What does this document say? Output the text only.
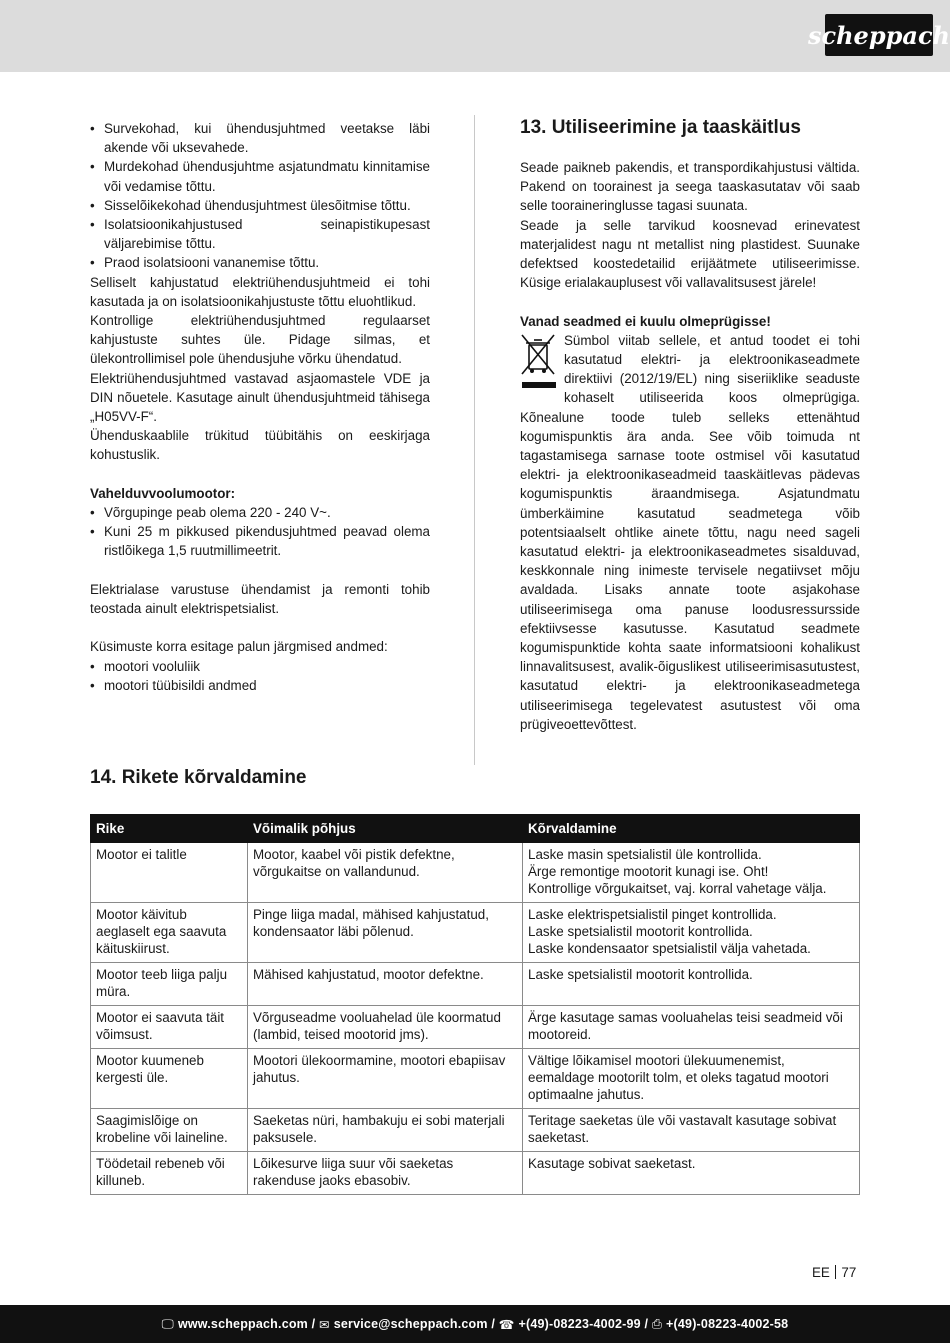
scheppach
• Survekohad, kui ühendusjuhtmed veetakse läbi akende või uksevahede.
• Murdekohad ühendusjuhtme asjatundmatu kinnitamise või vedamise tõttu.
• Sisselõikekohad ühendusjuhtmest ülesõitmise tõttu.
• Isolatsioonikahjustused seinapistikupesast väljarebimise tõttu.
• Praod isolatsiooni vananemise tõttu.

Selliselt kahjustatud elektriühendusjuhtmeid ei tohi kasutada ja on isolatsioonikahjustuste tõttu eluohtlikud.

Kontrollige elektriühendusjuhtmed regulaarset kahjustuste suhtes üle. Pidage silmas, et ülekontrollimisel pole ühendusjuhe võrku ühendatud.

Elektriühendusjuhtmed vastavad asjaomastele VDE ja DIN nõuetele. Kasutage ainult ühendusjuhtmeid tähisega „H05VV-F“.

Ühenduskaablile trükitud tüübitähis on eeskirjaga kohustuslik.

Vahelduvvoolumootor:

• Võrgupinge peab olema 220 - 240 V~.
• Kuni 25 m pikkused pikendusjuhtmed peavad olema ristlõikega 1,5 ruutmillimeetrit.

Elektrialase varustuse ühendamist ja remonti tohib teostada ainult elektrispetsialist.

Küsimuste korra esitage palun järgmised andmed:

• mootori vooluliik
• mootori tüübisildi andmed
13. Utiliseerimine ja taaskäitlus

Seade paikneb pakendis, et transpordikahjustusi vältida. Pakend on toorainest ja seega taaskasutatav või saab selle tooraineringlusse tagasi suunata.

Seade ja selle tarvikud koosnevad erinevatest materjalidest nagu nt metallist ning plastidest. Suunake defektsed koostedetailid erijäätmete utiliseerimisse. Küsige erialakauplusest või vallavalitsusest järele!

Vanad seadmed ei kuulu olmeprügisse!

Sümbol viitab sellele, et antud toodet ei tohi kasutatud elektri- ja elektroonikaseadmete direktiivi (2012/19/EL) ning siseriiklike seaduste kohaselt utiliseerida koos olmeprügiga. Kõnealune toode tuleb selleks ettenähtud kogumispunktis ära anda. See võib toimuda nt tagastamisega sarnase toote ostmisel või kasutatud elektri- ja elektroonikaseadmeid taaskäitlevas pädevas kogumispunktis äraandmisega. Asjatundmatu ümberkäimine kasutatud seadmetega võib potentsiaalselt ohtlike ainete tõttu, nagu need sageli kasutatud elektri- ja elektroonikaseadmetes sisalduvad, keskkonnale ning inimeste tervisele negatiivset mõju avaldada. Lisaks annate toote asjakohase utiliseerimisega oma panuse loodusressursside efektiivsesse kasutusse. Kasutatud seadmete kogumispunktide kohta saate informatsiooni kohalikust linnavalitsusest, avalik-õiguslikest utiliseerimisasutustest, kasutatud elektri- ja elektroonikaseadmetega utiliseerimisega tegelevatest asutustest või oma prügiveoettevõttest.
14. Rikete kõrvaldamine
Rike	Võimalik põhjus	Kõrvaldamine
Mootor ei talitle	Mootor, kaabel või pistik defektne, võrgukaitse on vallandunud.	Laske masin spetsialistil üle kontrollida.
Ärge remontige mootorit kunagi ise. Oht!
Kontrollige võrgukaitset, vaj. korral vahetage välja.

Mootor käivitub aeglaselt ega saavuta käituskiirust.	Pinge liiga madal, mähised kahjustatud, kondensaator läbi põlenud.	Laske elektrispetsialistil pinget kontrollida.
Laske spetsialistil mootorit kontrollida.
Laske kondensaator spetsialistil välja vahetada.

Mootor teeb liiga palju müra.	Mähised kahjustatud, mootor defektne.	Laske spetsialistil mootorit kontrollida.

Mootor ei saavuta täit võimsust.	Võrguseadme vooluahelad üle koormatud (lambid, teised mootorid jms).	Ärge kasutage samas vooluahelas teisi seadmeid või mootoreid.

Mootor kuumeneb kergesti üle.	Mootori ülekoormamine, mootori ebapiisav jahutus.	Vältige lõikamisel mootori ülekuumenemist, eemaldage mootorilt tolm, et oleks tagatud mootori optimaalne jahutus.

Saagimislõige on krobeline või laineline.	Saeketas nüri, hambakuju ei sobi materjali paksusele.	Teritage saeketas üle või vastavalt kasutage sobivat saeketast.

Töödetail rebeneb või killuneb.	Lõikesurve liiga suur või saeketas rakenduse jaoks ebasobiv.	Kasutage sobivat saeketast.
EE 77
🖵 www.scheppach.com /
✉ service@scheppach.com /
☎ +(49)-08223-4002-99 /
⎙ +(49)-08223-4002-58
